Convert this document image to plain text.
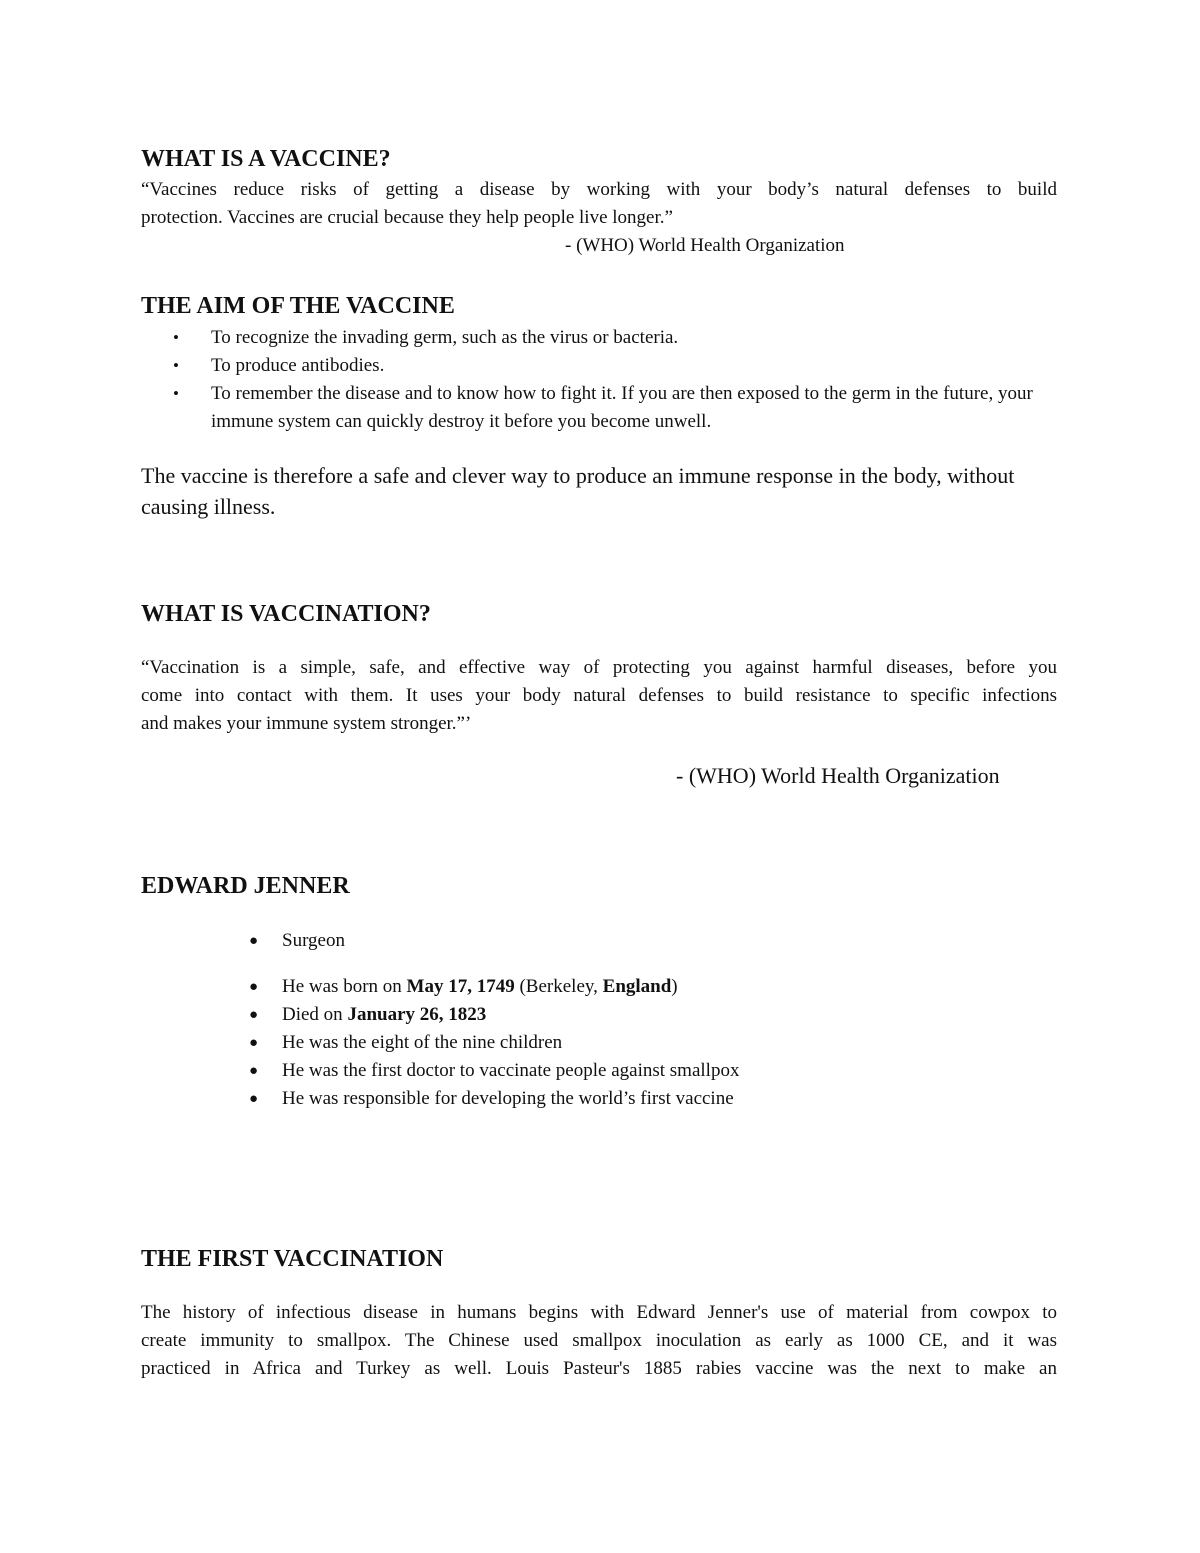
WHAT IS A VACCINE?
“Vaccines reduce risks of getting a disease by working with your body’s natural defenses to build
protection. Vaccines are crucial because they help people live longer.”
- (WHO) World Health Organization
THE AIM OF THE VACCINE
• To recognize the invading germ, such as the virus or bacteria.
• To produce antibodies.
• To remember the disease and to know how to fight it. If you are then exposed to the germ in the future, your immune system can quickly destroy it before you become unwell.

The vaccine is therefore a safe and clever way to produce an immune response in the body, without causing illness.

WHAT IS VACCINATION?
“Vaccination is a simple, safe, and effective way of protecting you against harmful diseases, before you
come into contact with them. It uses your body natural defenses to build resistance to specific infections
and makes your immune system stronger.”’
- (WHO) World Health Organization
EDWARD JENNER
● Surgeon
● He was born on May 17, 1749 (Berkeley, England)
● Died on January 26, 1823
● He was the eight of the nine children
● He was the first doctor to vaccinate people against smallpox
● He was responsible for developing the world’s first vaccine
THE FIRST VACCINATION
The history of infectious disease in humans begins with Edward Jenner's use of material from cowpox to
create immunity to smallpox. The Chinese used smallpox inoculation as early as 1000 CE, and it was
practiced in Africa and Turkey as well. Louis Pasteur's 1885 rabies vaccine was the next to make an
